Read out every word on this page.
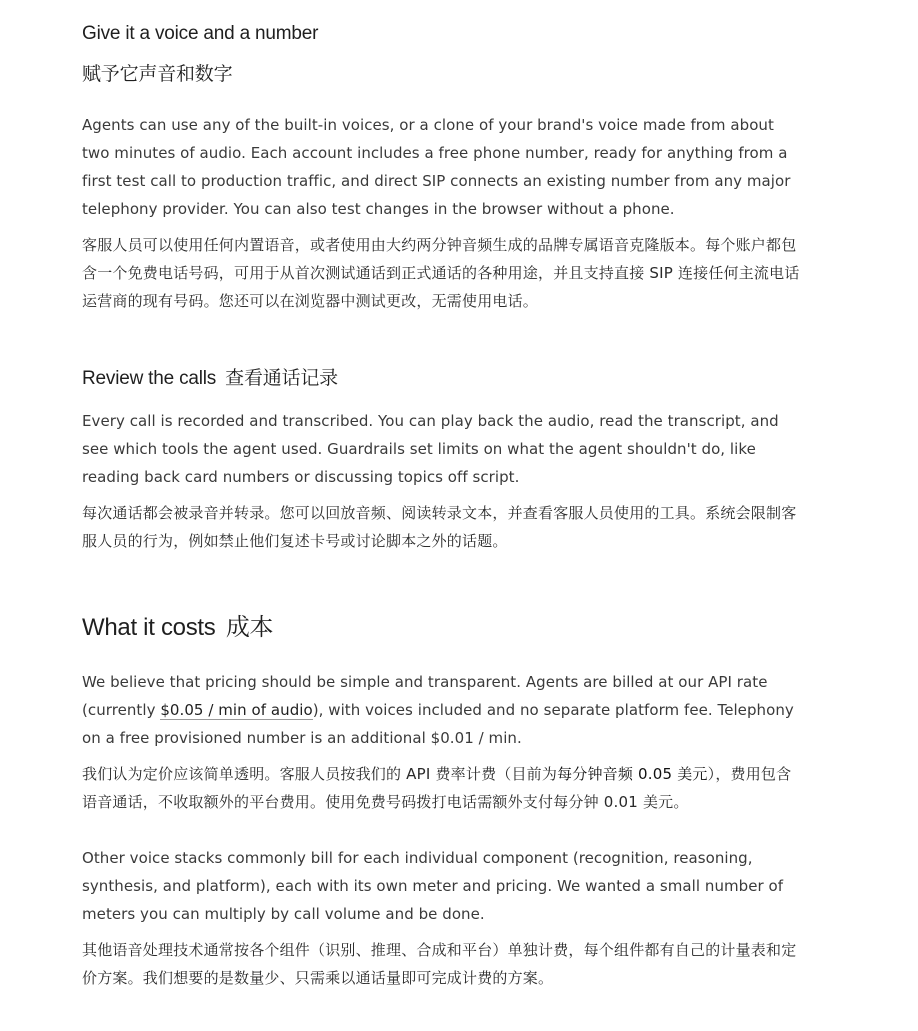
Give it a voice and a number
赋予它声音和数字

Agents can use any of the built-in voices, or a clone of your brand's voice made from about two minutes of audio. Each account includes a free phone number, ready for anything from a first test call to production traffic, and direct SIP connects an existing number from any major telephony provider. You can also test changes in the browser without a phone.

客服人员可以使用任何内置语音，或者使用由大约两分钟音频生成的品牌专属语音克隆版本。每个账户都包含一个免费电话号码，可用于从首次测试通话到正式通话的各种用途，并且支持直接 SIP 连接任何主流电话运营商的现有号码。您还可以在浏览器中测试更改，无需使用电话。

Review the calls 查看通话记录

Every call is recorded and transcribed. You can play back the audio, read the transcript, and see which tools the agent used. Guardrails set limits on what the agent shouldn't do, like reading back card numbers or discussing topics off script.

每次通话都会被录音并转录。您可以回放音频、阅读转录文本，并查看客服人员使用的工具。系统会限制客服人员的行为，例如禁止他们复述卡号或讨论脚本之外的话题。

What it costs 成本

We believe that pricing should be simple and transparent. Agents are billed at our API rate (currently $0.05 / min of audio), with voices included and no separate platform fee. Telephony on a free provisioned number is an additional $0.01 / min.

我们认为定价应该简单透明。客服人员按我们的 API 费率计费（目前为每分钟音频 0.05 美元），费用包含语音通话，不收取额外的平台费用。使用免费号码拨打电话需额外支付每分钟 0.01 美元。

Other voice stacks commonly bill for each individual component (recognition, reasoning, synthesis, and platform), each with its own meter and pricing. We wanted a small number of meters you can multiply by call volume and be done.

其他语音处理技术通常按各个组件（识别、推理、合成和平台）单独计费，每个组件都有自己的计量表和定价方案。我们想要的是数量少、只需乘以通话量即可完成计费的方案。
